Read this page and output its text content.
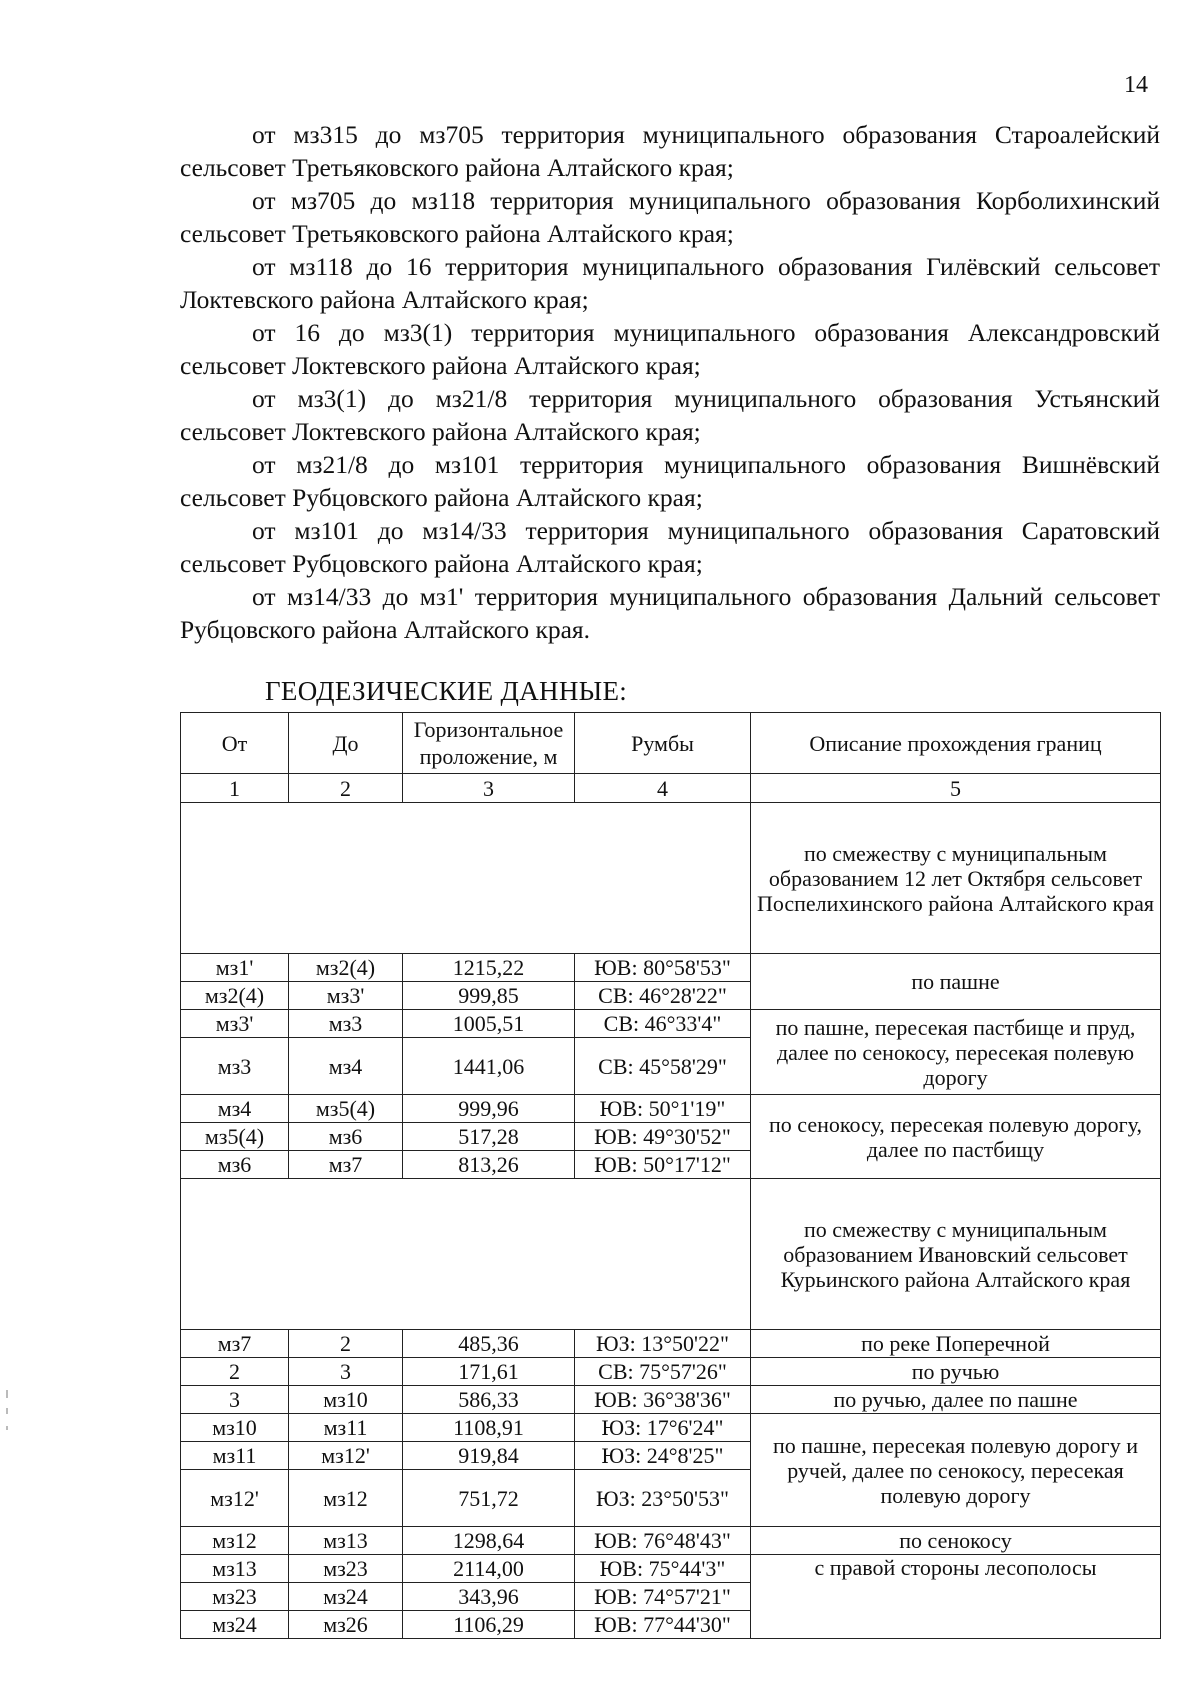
14

от мз315 до мз705 территория муниципального образования Староалейский сельсовет Третьяковского района Алтайского края;

от мз705 до мз118 территория муниципального образования Корболихинский сельсовет Третьяковского района Алтайского края;

от мз118 до 16 территория муниципального образования Гилёвский сельсовет Локтевского района Алтайского края;

от 16 до мз3(1) территория муниципального образования Александровский сельсовет Локтевского района Алтайского края;

от мз3(1) до мз21/8 территория муниципального образования Устьянский сельсовет Локтевского района Алтайского края;

от мз21/8 до мз101 территория муниципального образования Вишнёвский сельсовет Рубцовского района Алтайского края;

от мз101 до мз14/33 территория муниципального образования Саратовский сельсовет Рубцовского района Алтайского края;

от мз14/33 до мз1' территория муниципального образования Дальний сельсовет Рубцовского района Алтайского края.

ГЕОДЕЗИЧЕСКИЕ ДАННЫЕ:
От	До	Горизонтальное проложение, м	Румбы	Описание прохождения границ
1	2	3	4	5
				по смежеству с муниципальным образованием 12 лет Октября сельсовет Поспелихинского района Алтайского края
мз1'	мз2(4)	1215,22	ЮВ: 80°58'53"	по пашне
мз2(4)	мз3'	999,85	СВ: 46°28'22"	
мз3'	мз3	1005,51	СВ: 46°33'4"	по пашне, пересекая пастбище и пруд, далее по сенокосу, пересекая полевую дорогу
мз3	мз4	1441,06	СВ: 45°58'29"	
мз4	мз5(4)	999,96	ЮВ: 50°1'19"	по сенокосу, пересекая полевую дорогу, далее по пастбищу
мз5(4)	мз6	517,28	ЮВ: 49°30'52"	
мз6	мз7	813,26	ЮВ: 50°17'12"	
				по смежеству с муниципальным образованием Ивановский сельсовет Курьинского района Алтайского края
мз7	2	485,36	ЮЗ: 13°50'22"	по реке Поперечной
2	3	171,61	СВ: 75°57'26"	по ручью
3	мз10	586,33	ЮВ: 36°38'36"	по ручью, далее по пашне
мз10	мз11	1108,91	ЮЗ: 17°6'24"	по пашне, пересекая полевую дорогу и ручей, далее по сенокосу, пересекая полевую дорогу
мз11	мз12'	919,84	ЮЗ: 24°8'25"	
мз12'	мз12	751,72	ЮЗ: 23°50'53"	
мз12	мз13	1298,64	ЮВ: 76°48'43"	по сенокосу
мз13	мз23	2114,00	ЮВ: 75°44'3"	с правой стороны лесополосы
мз23	мз24	343,96	ЮВ: 74°57'21"	
мз24	мз26	1106,29	ЮВ: 77°44'30"	
